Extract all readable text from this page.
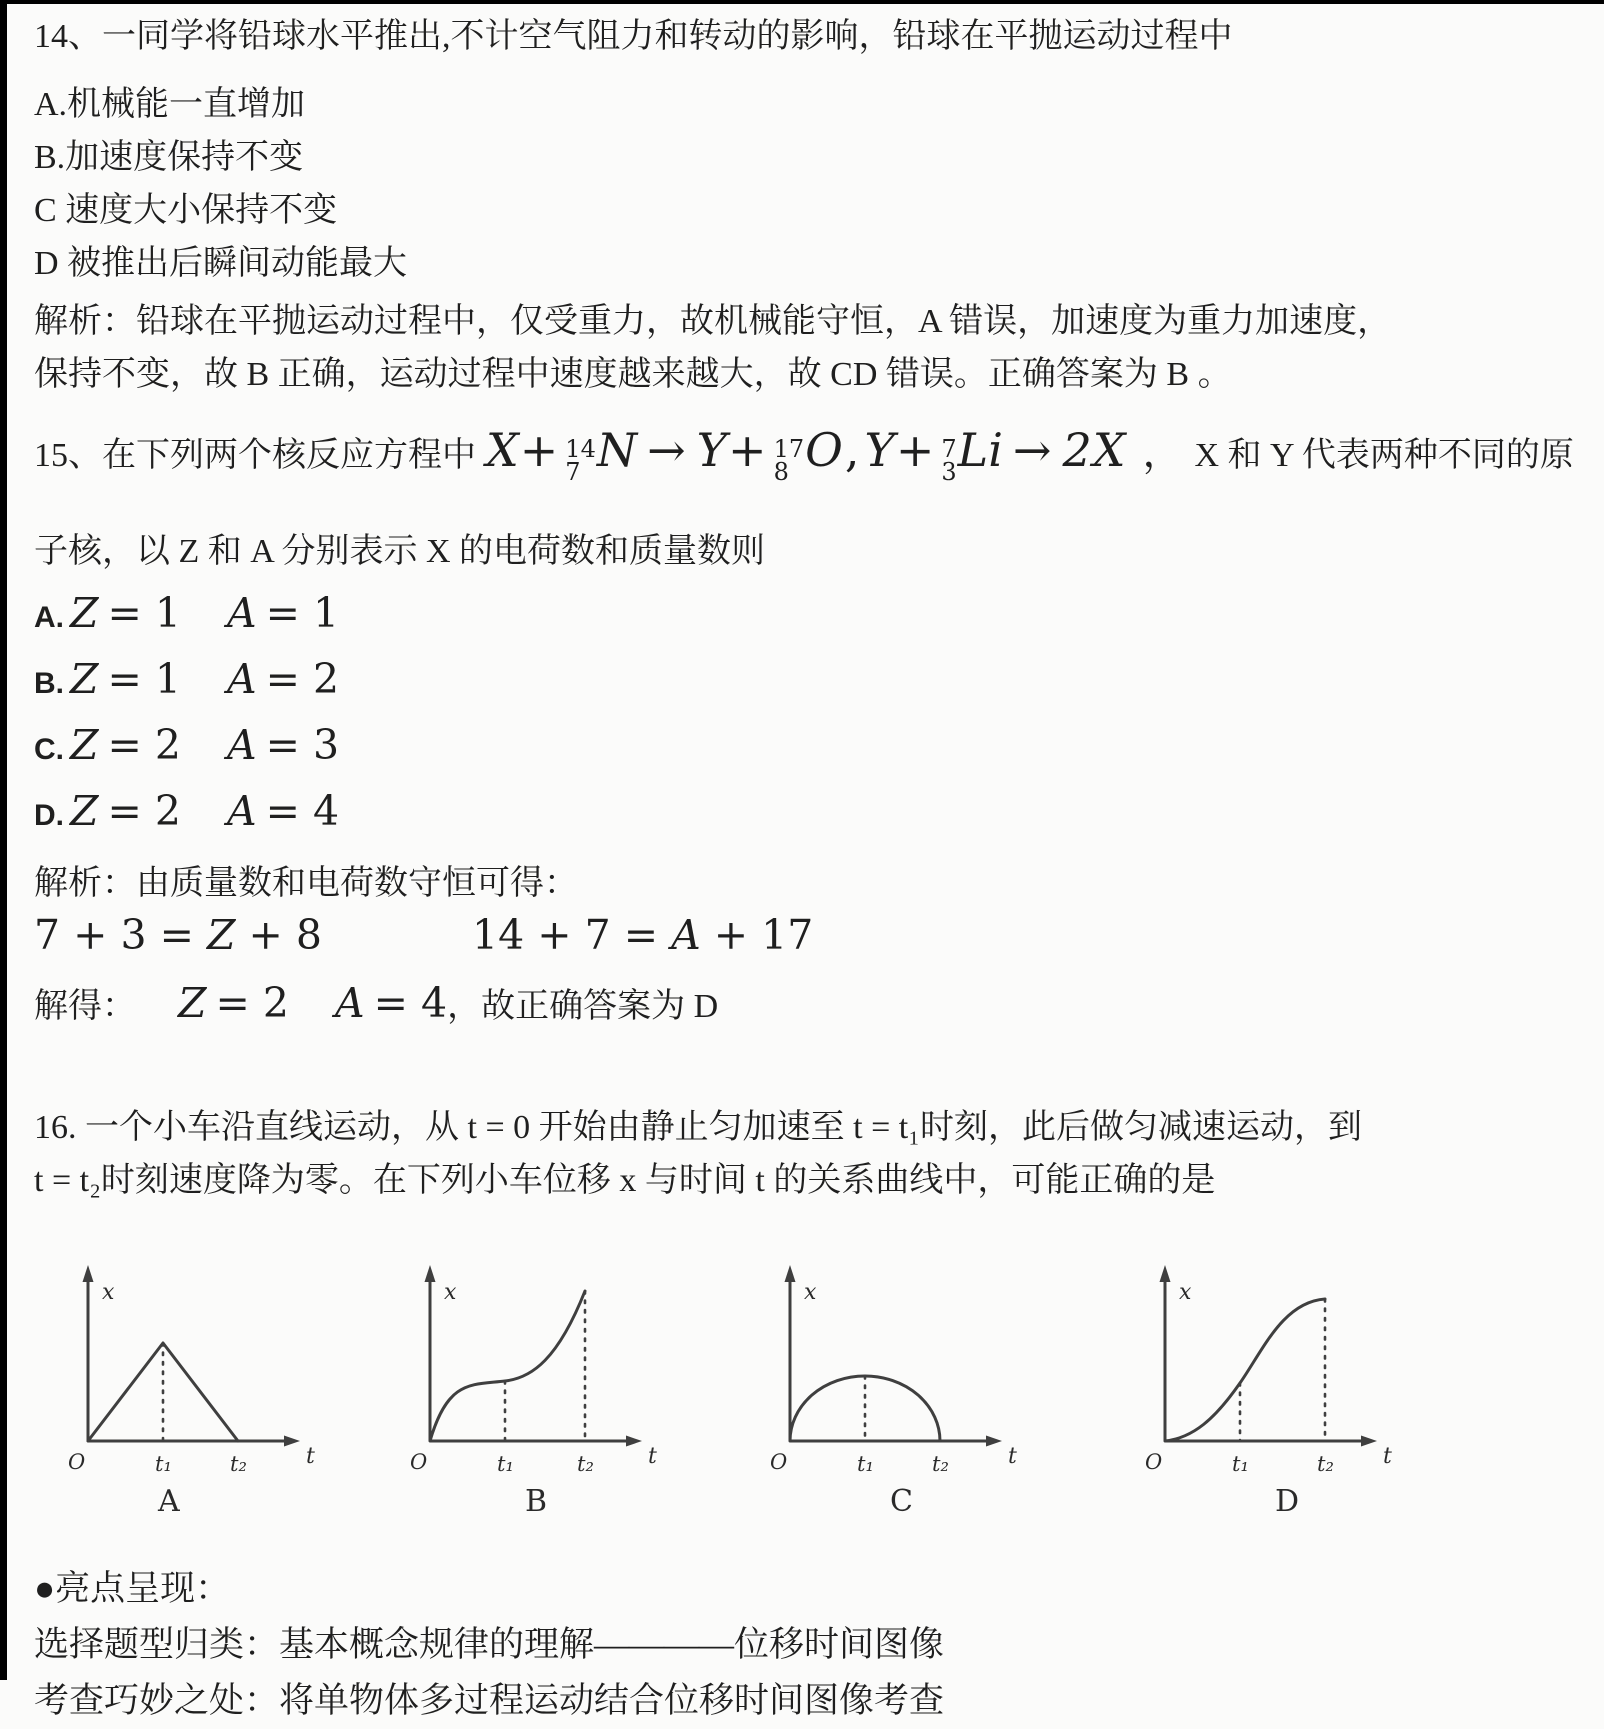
14、一同学将铅球水平推出,不计空气阻力和转动的影响，铅球在平抛运动过程中
A.机械能一直增加
B.加速度保持不变
C 速度大小保持不变
D 被推出后瞬间动能最大
解析：铅球在平抛运动过程中，仅受重力，故机械能守恒，A 错误，加速度为重力加速度，
保持不变，故 B 正确，运动过程中速度越来越大，故 CD 错误。正确答案为 B 。
15、在下列两个核反应方程中 X+ 14
7 N → Y+ 17
8 O,Y+ 7
3 Li → 2X ， X 和 Y 代表两种不同的原
子核，以 Z 和 A 分别表示 X 的电荷数和质量数则
A. Z = 1 A = 1
B. Z = 1 A = 2
C. Z = 2 A = 3
D. Z = 2 A = 4
解析：由质量数和电荷数守恒可得：
7 + 3 = Z + 8	14 + 7 = A + 17
解得： Z = 2 A = 4，故正确答案为 D
16. 一个小车沿直线运动，从 t = 0 开始由静止匀加速至 t = t₁时刻，此后做匀减速运动，到
t = t₂时刻速度降为零。在下列小车位移 x 与时间 t 的关系曲线中，可能正确的是
x
t
O	t₁	t₂
A
x
t
O	t₁	t₂
B
x
t
O	t₁	t₂
C
x
t
O	t₁	t₂
D
●亮点呈现：
选择题型归类：基本概念规律的理解————位移时间图像
考查巧妙之处：将单物体多过程运动结合位移时间图像考查
